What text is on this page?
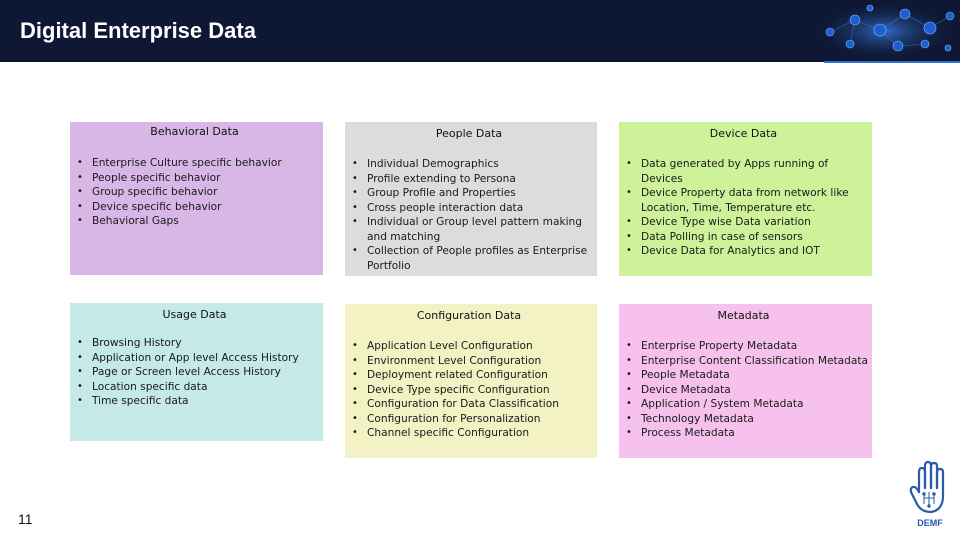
Digital Enterprise Data
Behavioral Data
• Enterprise Culture specific behavior
• People specific behavior
• Group specific behavior
• Device specific behavior
• Behavioral Gaps
People Data
• Individual Demographics
• Profile extending to Persona
• Group Profile and Properties
• Cross people interaction data
• Individual or Group level pattern making and matching
• Collection of People profiles as Enterprise Portfolio
Device Data
• Data generated by Apps running of Devices
• Device Property data from network like Location, Time, Temperature etc.
• Device Type wise Data variation
• Data Polling in case of sensors
• Device Data for Analytics and IOT
Usage Data
• Browsing History
• Application or App level Access History
• Page or Screen level Access History
• Location specific data
• Time specific data
Configuration Data
• Application Level Configuration
• Environment Level Configuration
• Deployment related Configuration
• Device Type specific Configuration
• Configuration for Data Classification
• Configuration for Personalization
• Channel specific Configuration
Metadata
• Enterprise Property Metadata
• Enterprise Content Classification Metadata
• People Metadata
• Device Metadata
• Application / System Metadata
• Technology Metadata
• Process Metadata
11	DEMF
